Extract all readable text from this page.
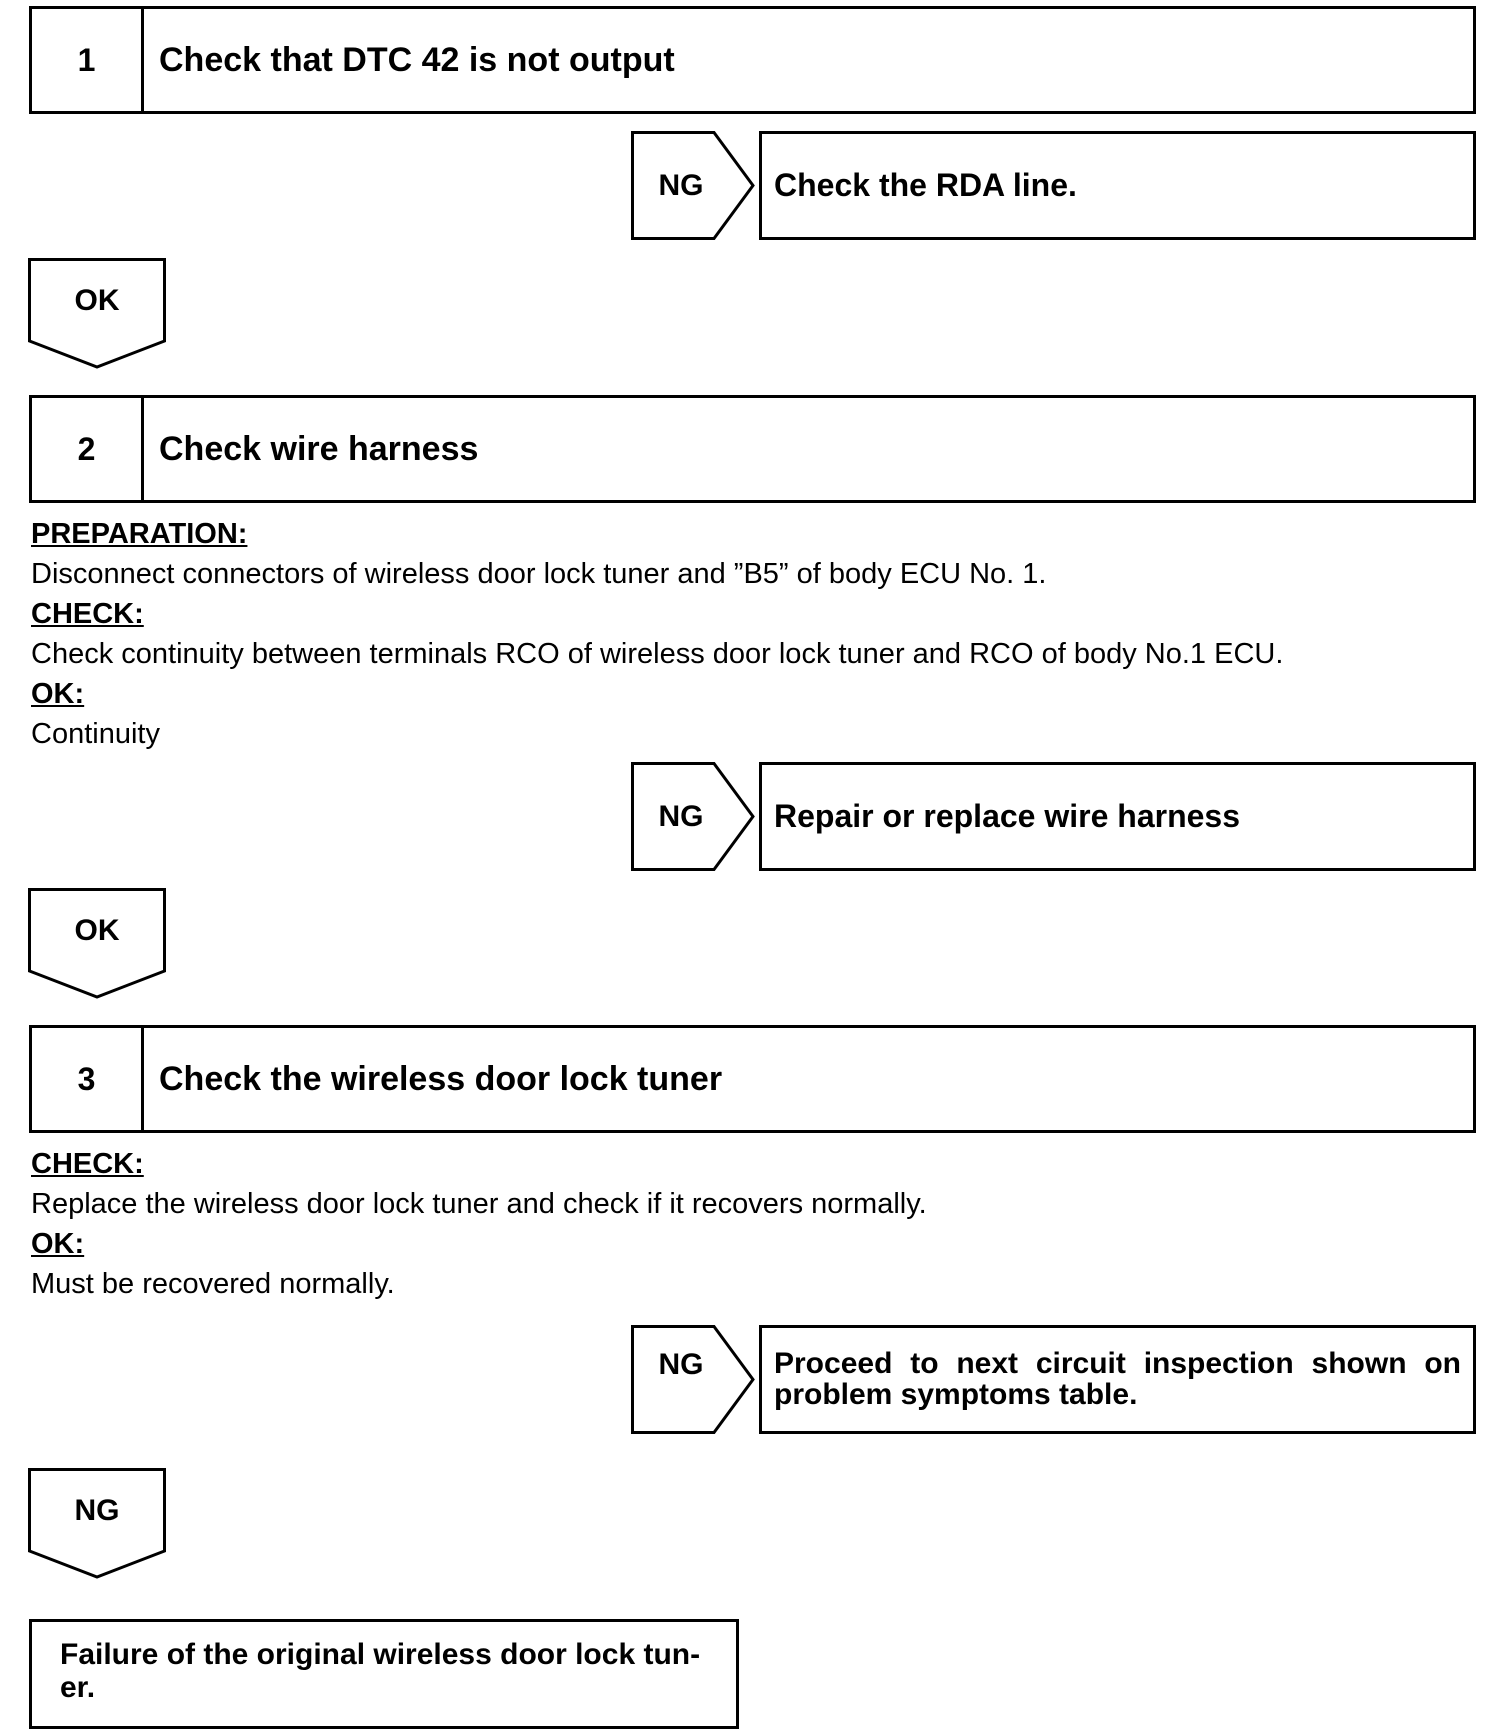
1	Check that DTC 42 is not output
NG	Check the RDA line.
OK
2	Check wire harness
PREPARATION:
Disconnect connectors of wireless door lock tuner and ”B5” of body ECU No. 1.
CHECK:
Check continuity between terminals RCO of wireless door lock tuner and RCO of body No.1 ECU.
OK:
Continuity
NG	Repair or replace wire harness
OK
3	Check the wireless door lock tuner
CHECK:
Replace the wireless door lock tuner and check if it recovers normally.
OK:
Must be recovered normally.
NG	Proceed to next circuit inspection shown on
problem symptoms table.
NG
Failure of the original wireless door lock tun-
er.
